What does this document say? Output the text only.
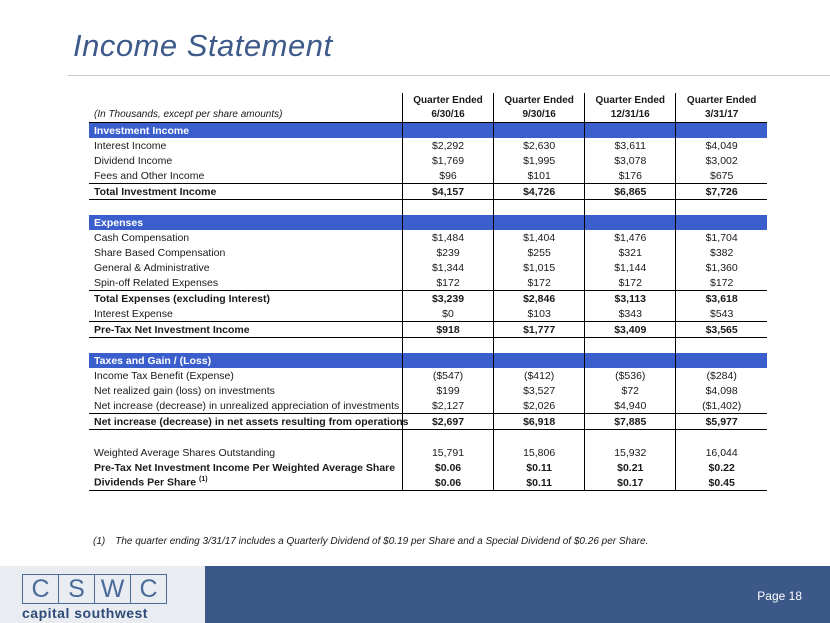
Income Statement
	Quarter Ended	Quarter Ended	Quarter Ended	Quarter Ended
(In Thousands, except per share amounts)	6/30/16	9/30/16	12/31/16	3/31/17
Investment Income				
Interest Income	$2,292	$2,630	$3,611	$4,049
Dividend Income	$1,769	$1,995	$3,078	$3,002
Fees and Other Income	$96	$101	$176	$675
Total Investment Income	$4,157	$4,726	$6,865	$7,726

Expenses				
Cash Compensation	$1,484	$1,404	$1,476	$1,704
Share Based Compensation	$239	$255	$321	$382
General & Administrative	$1,344	$1,015	$1,144	$1,360
Spin-off Related Expenses	$172	$172	$172	$172
Total Expenses (excluding Interest)	$3,239	$2,846	$3,113	$3,618
Interest Expense	$0	$103	$343	$543
Pre-Tax Net Investment Income	$918	$1,777	$3,409	$3,565

Taxes and Gain / (Loss)				
Income Tax Benefit (Expense)	($547)	($412)	($536)	($284)
Net realized gain (loss) on investments	$199	$3,527	$72	$4,098
Net increase (decrease) in unrealized appreciation of investments	$2,127	$2,026	$4,940	($1,402)
Net increase (decrease) in net assets resulting from operations	$2,697	$6,918	$7,885	$5,977

Weighted Average Shares Outstanding	15,791	15,806	15,932	16,044
Pre-Tax Net Investment Income Per Weighted Average Share	$0.06	$0.11	$0.21	$0.22
Dividends Per Share $^{(1)}$	$0.06	$0.11	$0.17	$0.45
(1) The quarter ending 3/31/17 includes a Quarterly Dividend of $0.19 per Share and a Special Dividend of $0.26 per Share.
C S W C
capital southwest
Page 18
